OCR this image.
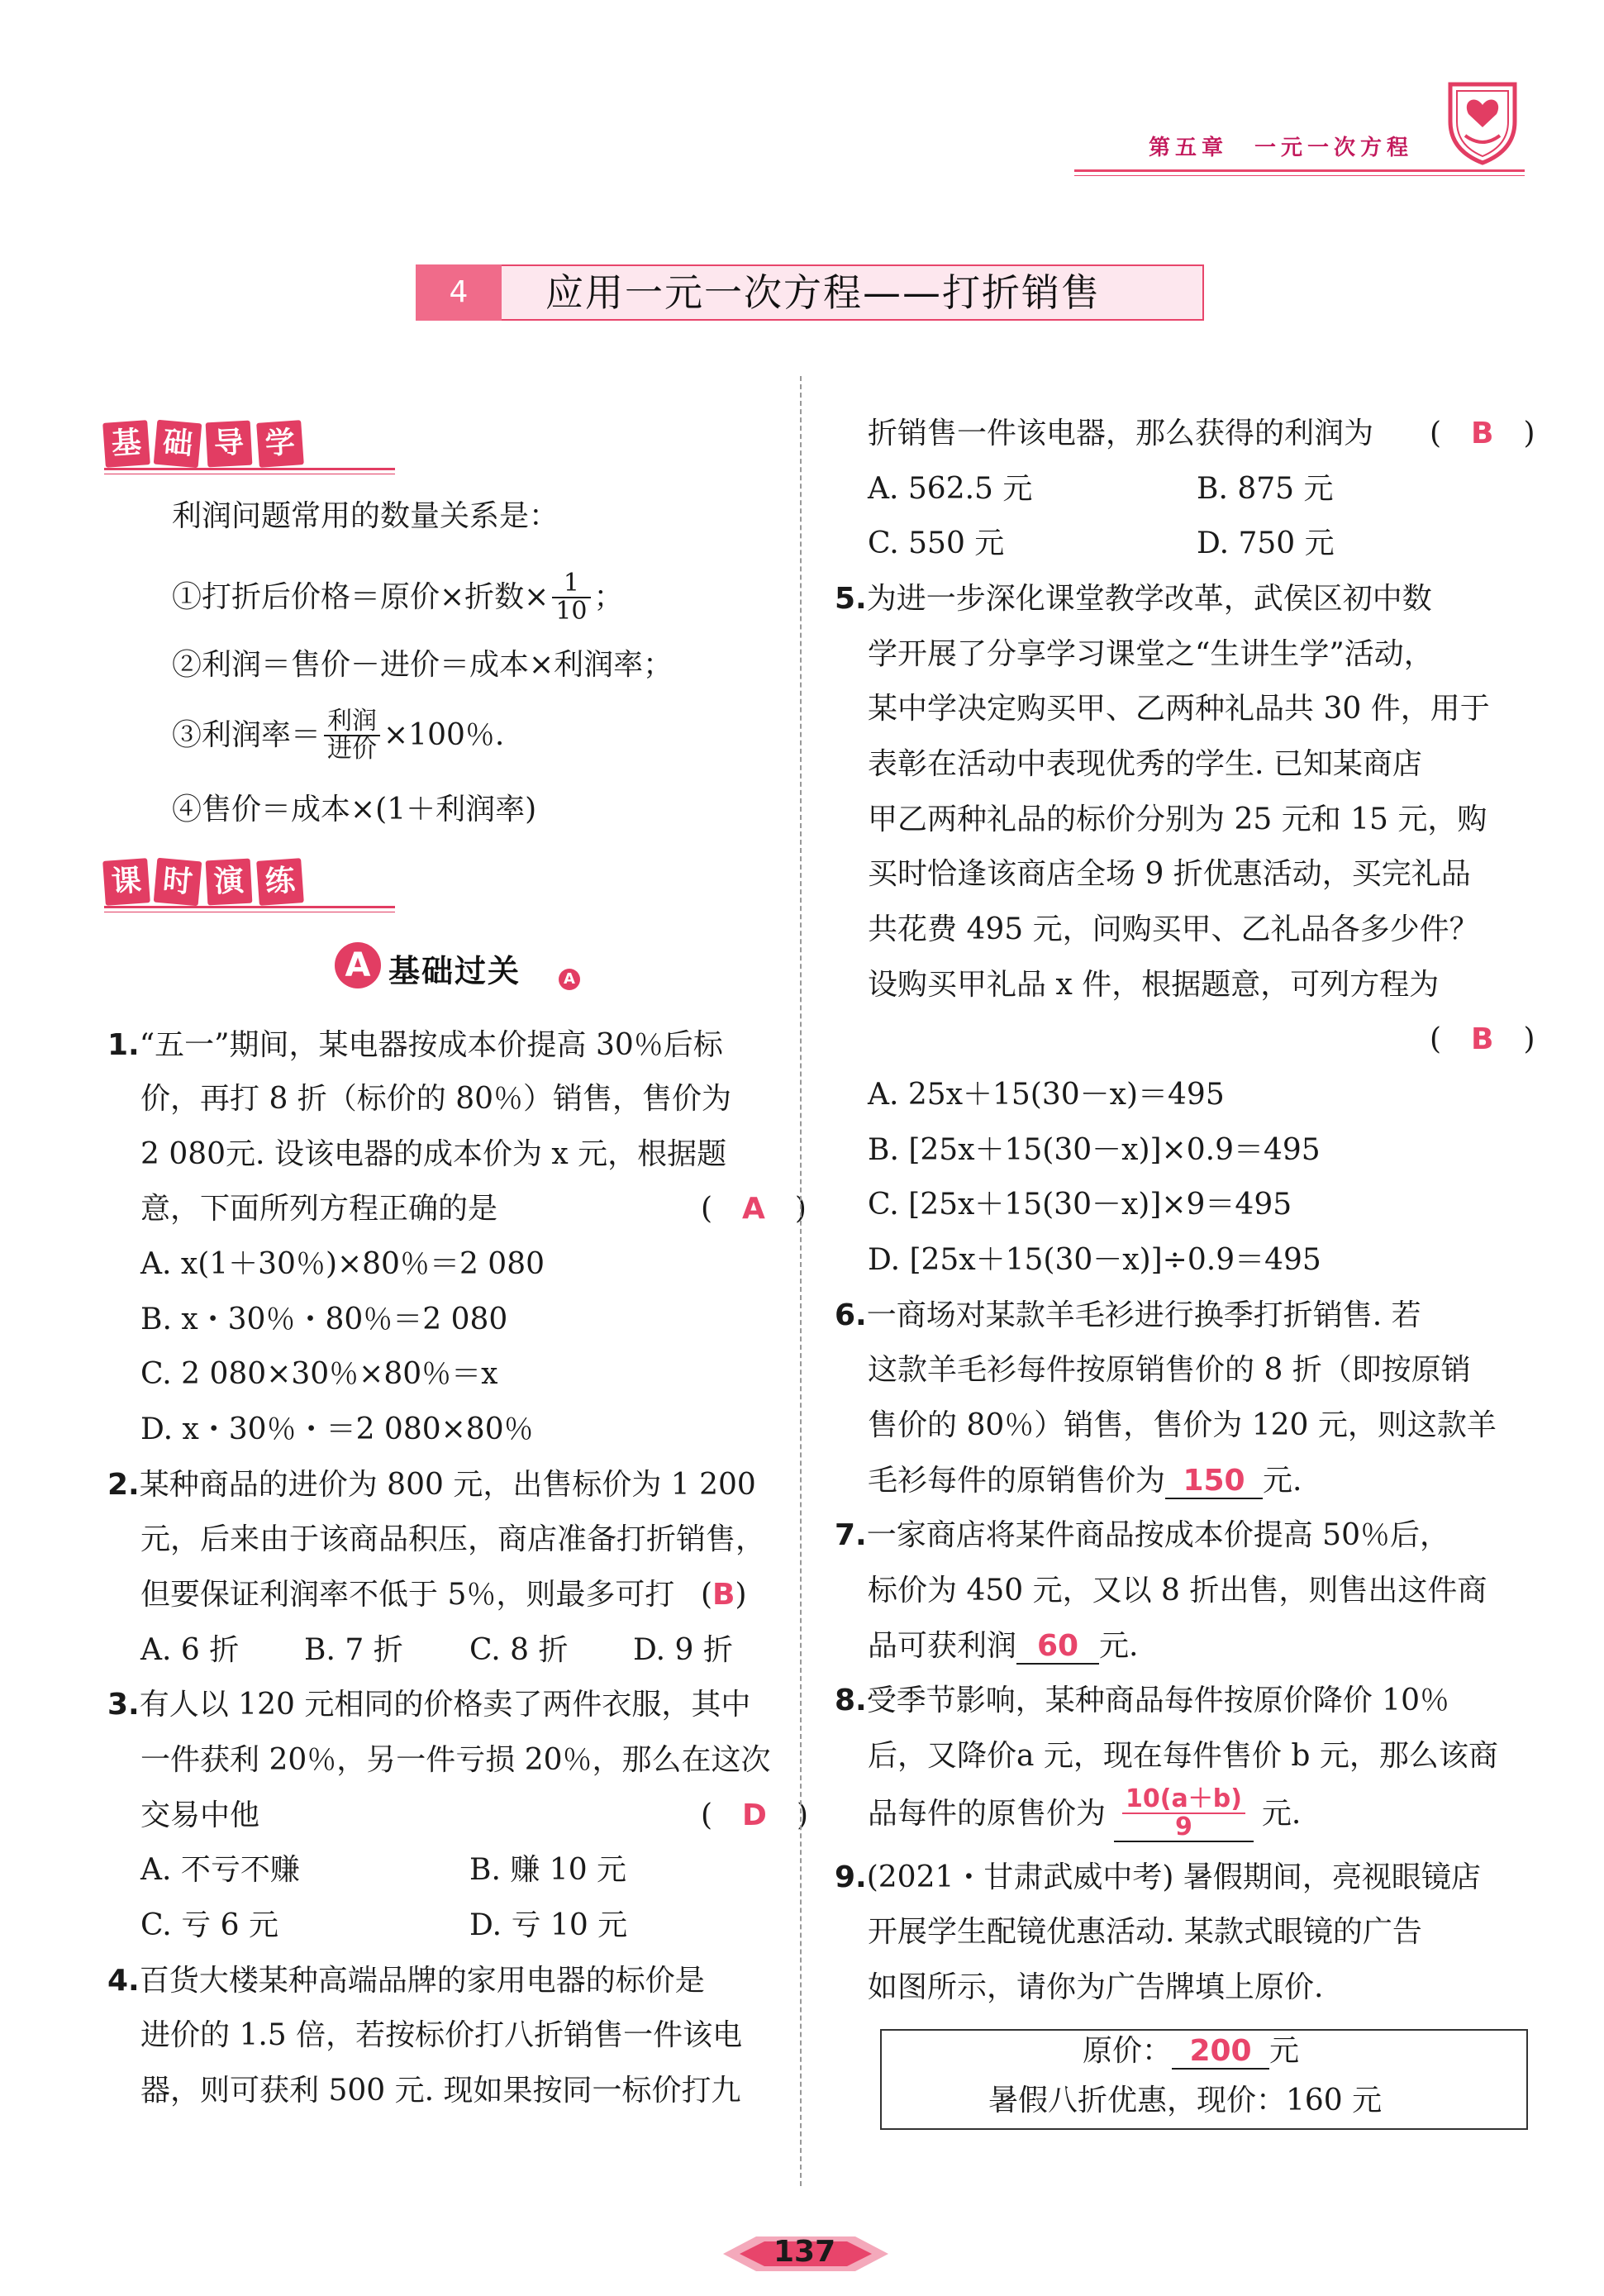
第五章　一元一次方程
4	应用一元一次方程——打折销售
基 础 导 学
利润问题常用的数量关系是：
①打折后价格＝原价×折数× $\frac{1}{10}$ ；
②利润＝售价－进价＝成本×利润率；
③利润率＝ $\frac{\text{利润}}{\text{进价}} \times 100$％.
④售价＝成本×(1＋利润率)
课 时 演 练
A 基础过关	A
1.“五一”期间，某电器按成本价提高 30％后标
价，再打 8 折（标价的 80％）销售，售价为
2 080元. 设该电器的成本价为 x 元，根据题
意，下面所列方程正确的是	(　A　)
A. x(1＋30％)×80％＝2 080
B. x・30％・80％＝2 080
C. 2 080×30％×80％＝x
D. x・30％・＝2 080×80％
2.某种商品的进价为 800 元，出售标价为 1 200
元，后来由于该商品积压，商店准备打折销售，
但要保证利润率不低于 5％，则最多可打 (B)
A. 6 折 B. 7 折 C. 8 折 D. 9 折
3.有人以 120 元相同的价格卖了两件衣服，其中
一件获利 20％，另一件亏损 20％，那么在这次
交易中他	(　D　)
A. 不亏不赚	B. 赚 10 元
C. 亏 6 元	D. 亏 10 元
4.百货大楼某种高端品牌的家用电器的标价是
进价的 1.5 倍，若按标价打八折销售一件该电
器，则可获利 500 元. 现如果按同一标价打九
折销售一件该电器，那么获得的利润为 (　B　)
A. 562.5 元	B. 875 元
C. 550 元	D. 750 元
5.为进一步深化课堂教学改革，武侯区初中数
学开展了分享学习课堂之“生讲生学”活动，
某中学决定购买甲、乙两种礼品共 30 件，用于
表彰在活动中表现优秀的学生. 已知某商店
甲乙两种礼品的标价分别为 25 元和 15 元，购
买时恰逢该商店全场 9 折优惠活动，买完礼品
共花费 495 元，问购买甲、乙礼品各多少件？
设购买甲礼品 x 件，根据题意，可列方程为
(　B　)
A. 25x＋15(30－x)＝495
B. [25x＋15(30－x)]×0.9＝495
C. [25x＋15(30－x)]×9＝495
D. [25x＋15(30－x)]÷0.9＝495
6.一商场对某款羊毛衫进行换季打折销售. 若
这款羊毛衫每件按原销售价的 8 折（即按原销
售价的 80％）销售，售价为 120 元，则这款羊
毛衫每件的原销售价为 150 元.
7.一家商店将某件商品按成本价提高 50％后，
标价为 450 元，又以 8 折出售，则售出这件商
品可获利润 60 元.
8.受季节影响，某种商品每件按原价降价 10％
后，又降价a 元，现在每件售价 b 元，那么该商
品每件的原售价为 $\frac{10(a+b)}{9}$ 元.
9.(2021・甘肃武威中考) 暑假期间，亮视眼镜店
开展学生配镜优惠活动. 某款式眼镜的广告
如图所示，请你为广告牌填上原价.
原价： 200 元
暑假八折优惠，现价：160 元
137
